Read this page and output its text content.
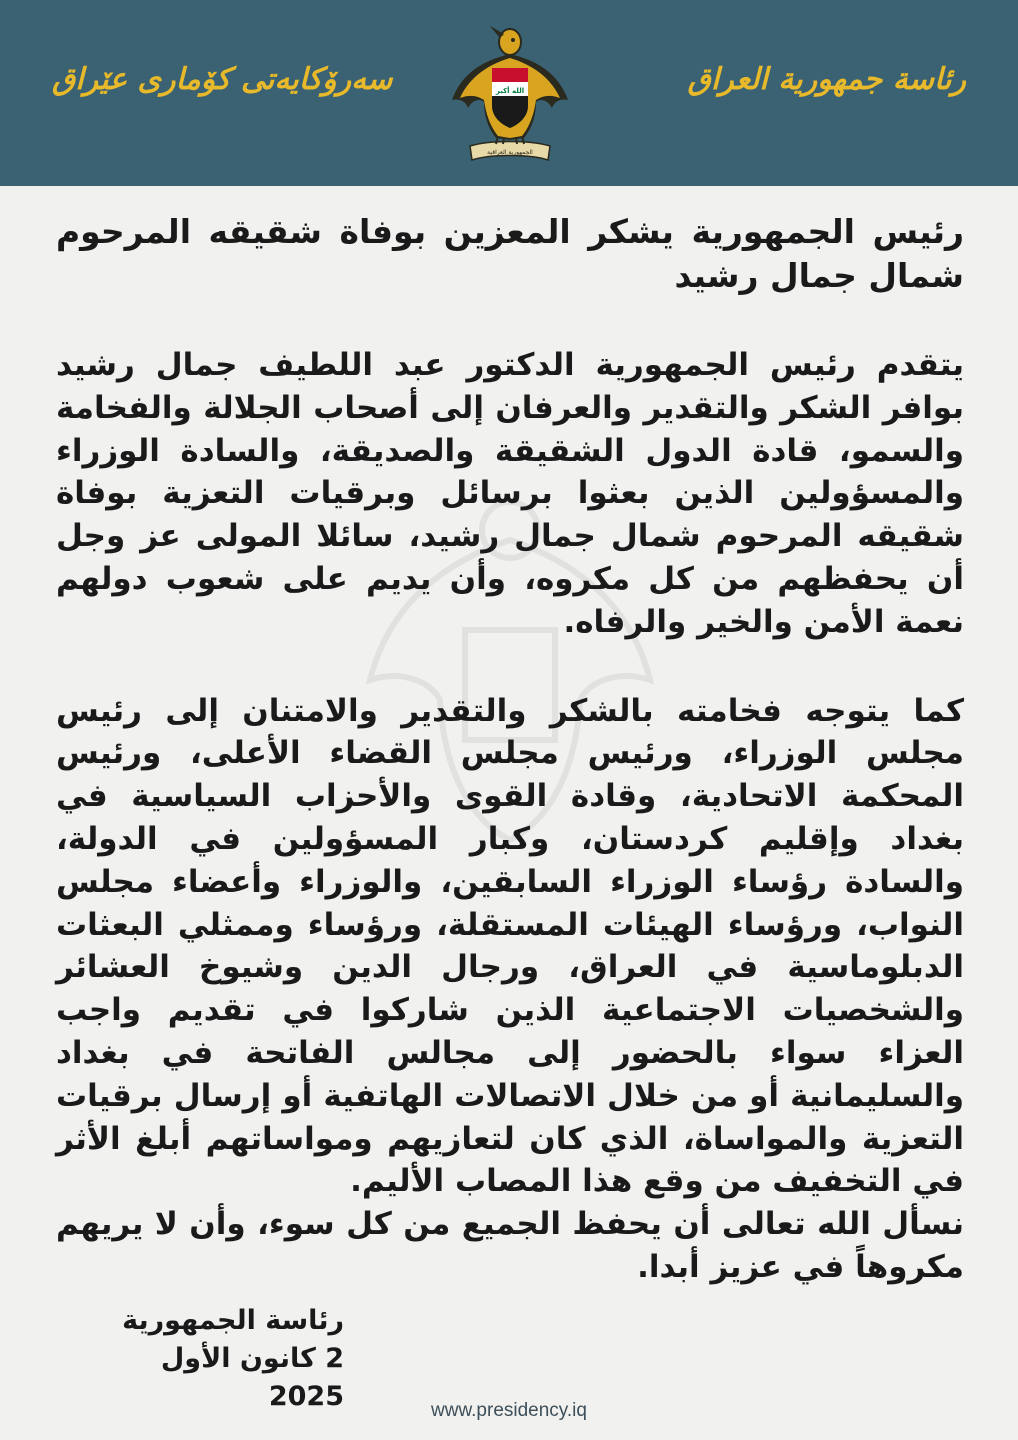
سەرۆکایەتی کۆماری عێراق	الله أكبر
الجمهورية العراقية
رئاسة جمهورية العراق
رئيس الجمهورية يشكر المعزين بوفاة شقيقه المرحوم شمال جمال رشيد
يتقدم رئيس الجمهورية الدكتور عبد اللطيف جمال رشيد بوافر الشكر والتقدير والعرفان إلى أصحاب الجلالة والفخامة والسمو، قادة الدول الشقيقة والصديقة، والسادة الوزراء والمسؤولين الذين بعثوا برسائل وبرقيات التعزية بوفاة شقيقه المرحوم شمال جمال رشيد، سائلا المولى عز وجل أن يحفظهم من كل مكروه، وأن يديم على شعوب دولهم نعمة الأمن والخير والرفاه.
كما يتوجه فخامته بالشكر والتقدير والامتنان إلى رئيس مجلس الوزراء، ورئيس مجلس القضاء الأعلى، ورئيس المحكمة الاتحادية، وقادة القوى والأحزاب السياسية في بغداد وإقليم كردستان، وكبار المسؤولين في الدولة، والسادة رؤساء الوزراء السابقين، والوزراء وأعضاء مجلس النواب، ورؤساء الهيئات المستقلة، ورؤساء وممثلي البعثات الدبلوماسية في العراق، ورجال الدين وشيوخ العشائر والشخصيات الاجتماعية الذين شاركوا في تقديم واجب العزاء سواء بالحضور إلى مجالس الفاتحة في بغداد والسليمانية أو من خلال الاتصالات الهاتفية أو إرسال برقيات التعزية والمواساة، الذي كان لتعازيهم ومواساتهم أبلغ الأثر في التخفيف من وقع هذا المصاب الأليم.
نسأل الله تعالى أن يحفظ الجميع من كل سوء، وأن لا يريهم مكروهاً في عزيز أبدا.
رئاسة الجمهورية
2 كانون الأول 2025	www.presidency.iq
